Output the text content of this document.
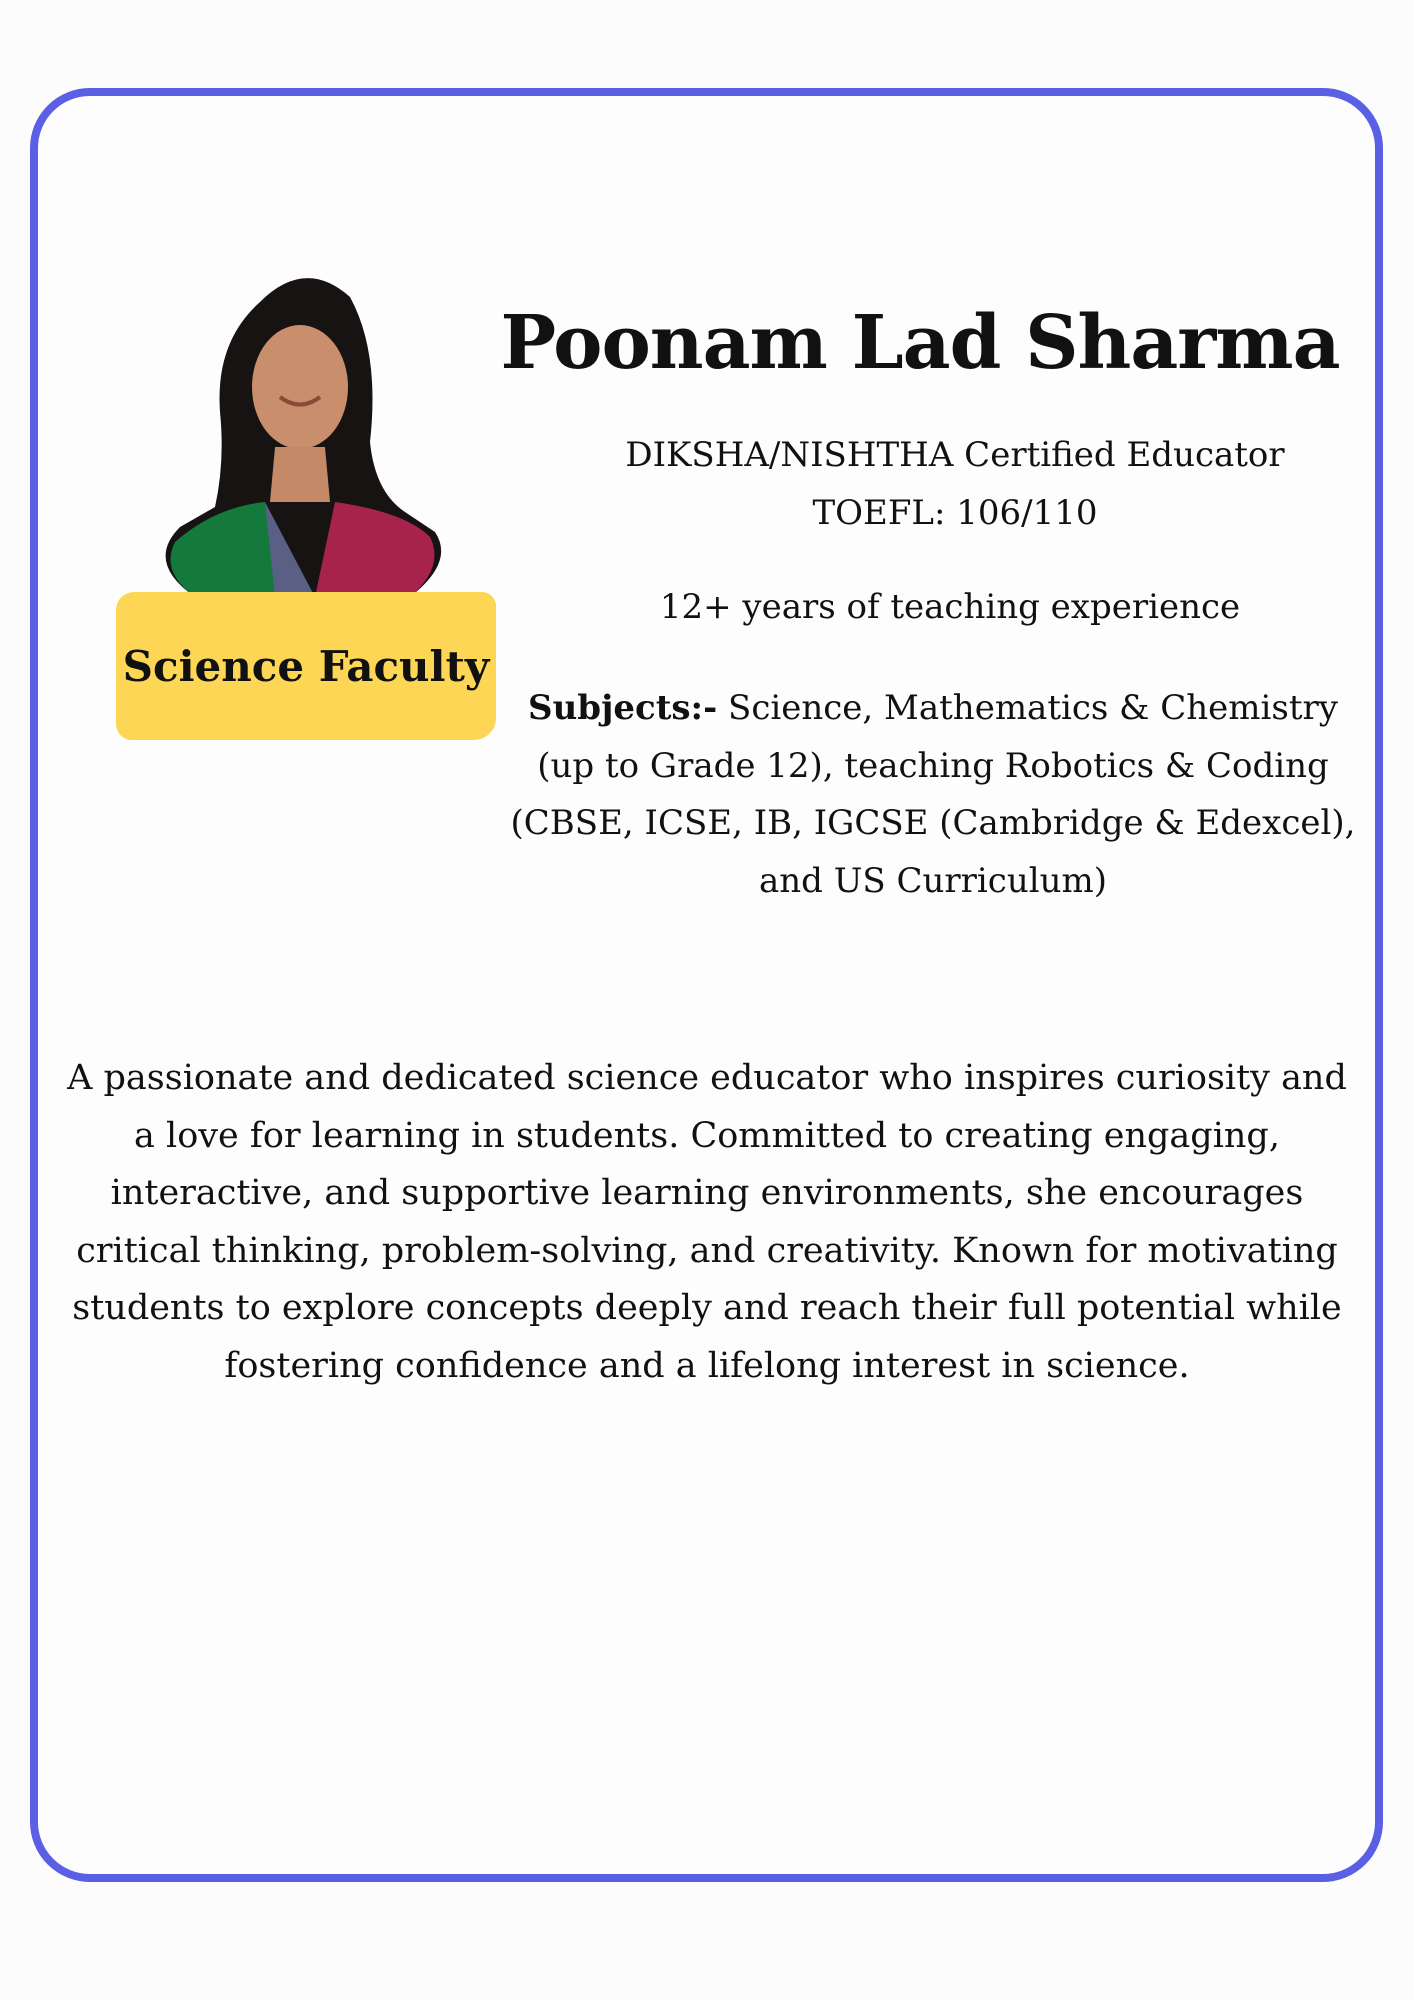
Science Faculty
Poonam Lad Sharma
DIKSHA/NISHTHA Certified Educator
TOEFL: 106/110
12+ years of teaching experience
Subjects:- Science, Mathematics & Chemistry (up to Grade 12), teaching Robotics & Coding (CBSE, ICSE, IB, IGCSE (Cambridge & Edexcel), and US Curriculum)
A passionate and dedicated science educator who inspires curiosity and a love for learning in students. Committed to creating engaging, interactive, and supportive learning environments, she encourages critical thinking, problem-solving, and creativity. Known for motivating students to explore concepts deeply and reach their full potential while fostering confidence and a lifelong interest in science.
